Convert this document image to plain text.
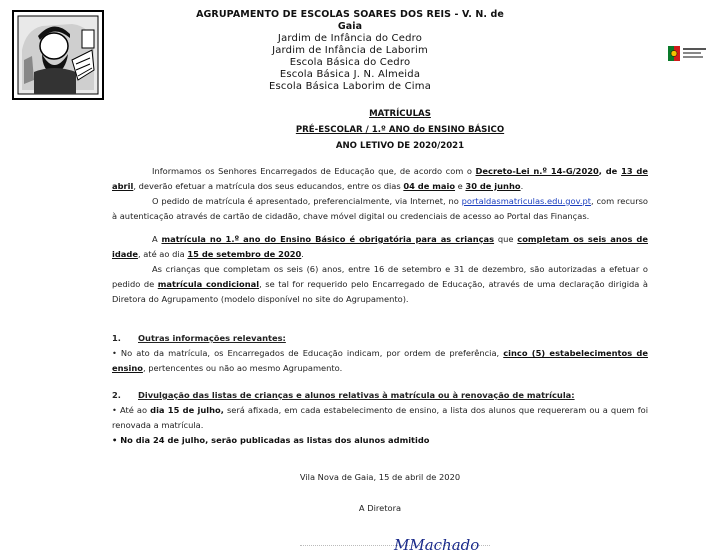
AGRUPAMENTO DE ESCOLAS SOARES DOS REIS - V. N. de Gaia
Jardim de Infância do Cedro
Jardim de Infância de Laborim
Escola Básica do Cedro
Escola Básica J. N. Almeida
Escola Básica Laborim de Cima
MATRÍCULAS
PRÉ-ESCOLAR / 1.º ANO do ENSINO BÁSICO
ANO LETIVO DE 2020/2021

Informamos os Senhores Encarregados de Educação que, de acordo com o Decreto-Lei n.º 14-G/2020, de 13 de abril, deverão efetuar a matrícula dos seus educandos, entre os dias 04 de maio e 30 de junho.

O pedido de matrícula é apresentado, preferencialmente, via Internet, no portaldasmatriculas.edu.gov.pt, com recurso à autenticação através de cartão de cidadão, chave móvel digital ou credenciais de acesso ao Portal das Finanças.

A matrícula no 1.º ano do Ensino Básico é obrigatória para as crianças que completam os seis anos de idade, até ao dia 15 de setembro de 2020.

As crianças que completam os seis (6) anos, entre 16 de setembro e 31 de dezembro, são autorizadas a efetuar o pedido de matrícula condicional, se tal for requerido pelo Encarregado de Educação, através de uma declaração dirigida à Diretora do Agrupamento (modelo disponível no site do Agrupamento).

1. Outras informações relevantes:

• No ato da matrícula, os Encarregados de Educação indicam, por ordem de preferência, cinco (5) estabelecimentos de ensino, pertencentes ou não ao mesmo Agrupamento.

2. Divulgação das listas de crianças e alunos relativas à matrícula ou à renovação de matrícula:

• Até ao dia 15 de julho, será afixada, em cada estabelecimento de ensino, a lista dos alunos que requereram ou a quem foi renovada a matrícula.

• No dia 24 de julho, serão publicadas as listas dos alunos admitido

Vila Nova de Gaia, 15 de abril de 2020
A Diretora
MMachado
